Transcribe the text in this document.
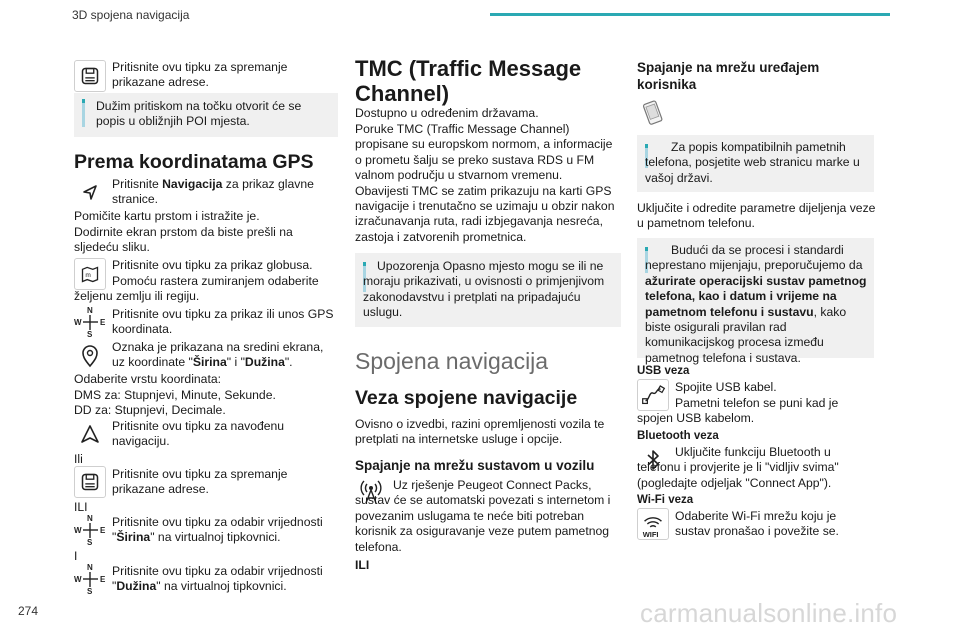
3D spojena navigacija
Pritisnite ovu tipku za spremanje prikazane adrese.
Dužim pritiskom na točku otvorit će se popis u obližnjih POI mjesta.
Prema koordinatama GPS
Pritisnite Navigacija za prikaz glavne stranice.
Pomičite kartu prstom i istražite je.
Dodirnite ekran prstom da biste prešli na sljedeću sliku.
m
Pritisnite ovu tipku za prikaz globusa.
Pomoću rastera zumiranjem odaberite željenu zemlju ili regiju.
N
S
W E
Pritisnite ovu tipku za prikaz ili unos GPS koordinata.
Oznaka je prikazana na sredini ekrana, uz koordinate "Širina" i "Dužina".
Odaberite vrstu koordinata:
DMS za: Stupnjevi, Minute, Sekunde.
DD za: Stupnjevi, Decimale.
Pritisnite ovu tipku za navođenu navigaciju.
Ili
Pritisnite ovu tipku za spremanje prikazane adrese.
ILI
N
S
W E
Pritisnite ovu tipku za odabir vrijednosti "Širina" na virtualnoj tipkovnici.
I
N
S
W E
Pritisnite ovu tipku za odabir vrijednosti "Dužina" na virtualnoj tipkovnici.
TMC (Traffic Message Channel)
Dostupno u određenim državama.
Poruke TMC (Traffic Message Channel) propisane su europskom normom, a informacije o prometu šalju se preko sustava RDS u FM valnom području u stvarnom vremenu. Obavijesti TMC se zatim prikazuju na karti GPS navigacije i trenutačno se uzimaju u obzir nakon izračunavanja ruta, radi izbjegavanja nesreća, zastoja i zatvorenih prometnica.
Upozorenja Opasno mjesto mogu se ili ne moraju prikazivati, u ovisnosti o primjenjivom zakonodavstvu i pretplati na pripadajuću uslugu.
Spojena navigacija
Veza spojene navigacije
Ovisno o izvedbi, razini opremljenosti vozila te pretplati na internetske usluge i opcije.
Spajanje na mrežu sustavom u vozilu
Uz rješenje Peugeot Connect Packs, sustav će se automatski povezati s internetom i povezanim uslugama te neće biti potreban korisnik za osiguravanje veze putem pametnog telefona.
ILI
Spajanje na mrežu uređajem korisnika
Za popis kompatibilnih pametnih telefona, posjetite web stranicu marke u vašoj državi.
Uključite i odredite parametre dijeljenja veze u pametnom telefonu.
Budući da se procesi i standardi neprestano mijenjaju, preporučujemo da ažurirate operacijski sustav pametnog telefona, kao i datum i vrijeme na pametnom telefonu i sustavu, kako biste osigurali pravilan rad komunikacijskog procesa između pametnog telefona i sustava.
USB veza
Spojite USB kabel.
Pametni telefon se puni kad je spojen USB kabelom.
Bluetooth veza
Uključite funkciju Bluetooth u telefonu i provjerite je li "vidljiv svima" (pogledajte odjeljak "Connect App").
Wi-Fi veza
WIFI
Odaberite Wi-Fi mrežu koju je sustav pronašao i povežite se.
274	carmanualsonline.info
